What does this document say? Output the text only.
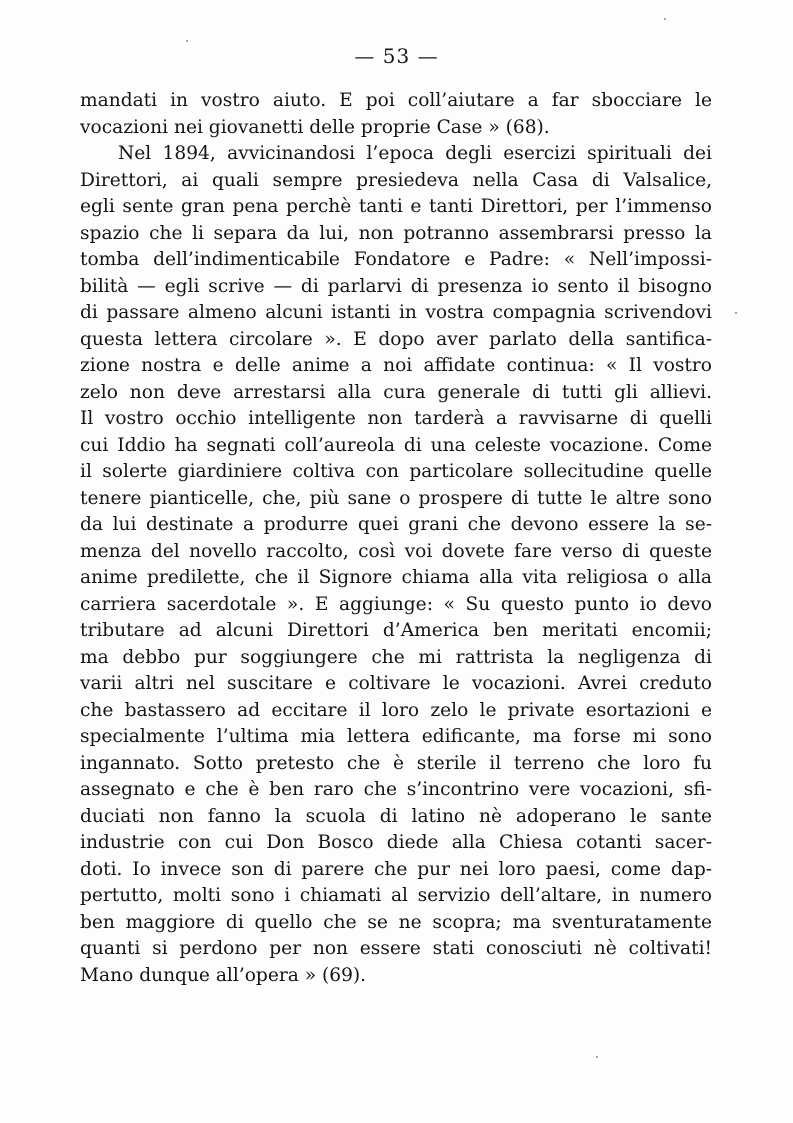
— 53 —
mandati in vostro aiuto. E poi coll’aiutare a far sbocciare le
vocazioni nei giovanetti delle proprie Case » (68).
Nel 1894, avvicinandosi l’epoca degli esercizi spirituali dei
Direttori, ai quali sempre presiedeva nella Casa di Valsalice,
egli sente gran pena perchè tanti e tanti Direttori, per l’immenso
spazio che li separa da lui, non potranno assembrarsi presso la
tomba dell’indimenticabile Fondatore e Padre: « Nell’impossi-
bilità — egli scrive — di parlarvi di presenza io sento il bisogno
di passare almeno alcuni istanti in vostra compagnia scrivendovi
questa lettera circolare ». E dopo aver parlato della santifica-
zione nostra e delle anime a noi affidate continua: « Il vostro
zelo non deve arrestarsi alla cura generale di tutti gli allievi.
Il vostro occhio intelligente non tarderà a ravvisarne di quelli
cui Iddio ha segnati coll’aureola di una celeste vocazione. Come
il solerte giardiniere coltiva con particolare sollecitudine quelle
tenere pianticelle, che, più sane o prospere di tutte le altre sono
da lui destinate a produrre quei grani che devono essere la se-
menza del novello raccolto, così voi dovete fare verso di queste
anime predilette, che il Signore chiama alla vita religiosa o alla
carriera sacerdotale ». E aggiunge: « Su questo punto io devo
tributare ad alcuni Direttori d’America ben meritati encomii;
ma debbo pur soggiungere che mi rattrista la negligenza di
varii altri nel suscitare e coltivare le vocazioni. Avrei creduto
che bastassero ad eccitare il loro zelo le private esortazioni e
specialmente l’ultima mia lettera edificante, ma forse mi sono
ingannato. Sotto pretesto che è sterile il terreno che loro fu
assegnato e che è ben raro che s’incontrino vere vocazioni, sfi-
duciati non fanno la scuola di latino nè adoperano le sante
industrie con cui Don Bosco diede alla Chiesa cotanti sacer-
doti. Io invece son di parere che pur nei loro paesi, come dap-
pertutto, molti sono i chiamati al servizio dell’altare, in numero
ben maggiore di quello che se ne scopra; ma sventuratamente
quanti si perdono per non essere stati conosciuti nè coltivati!
Mano dunque all’opera » (69).
